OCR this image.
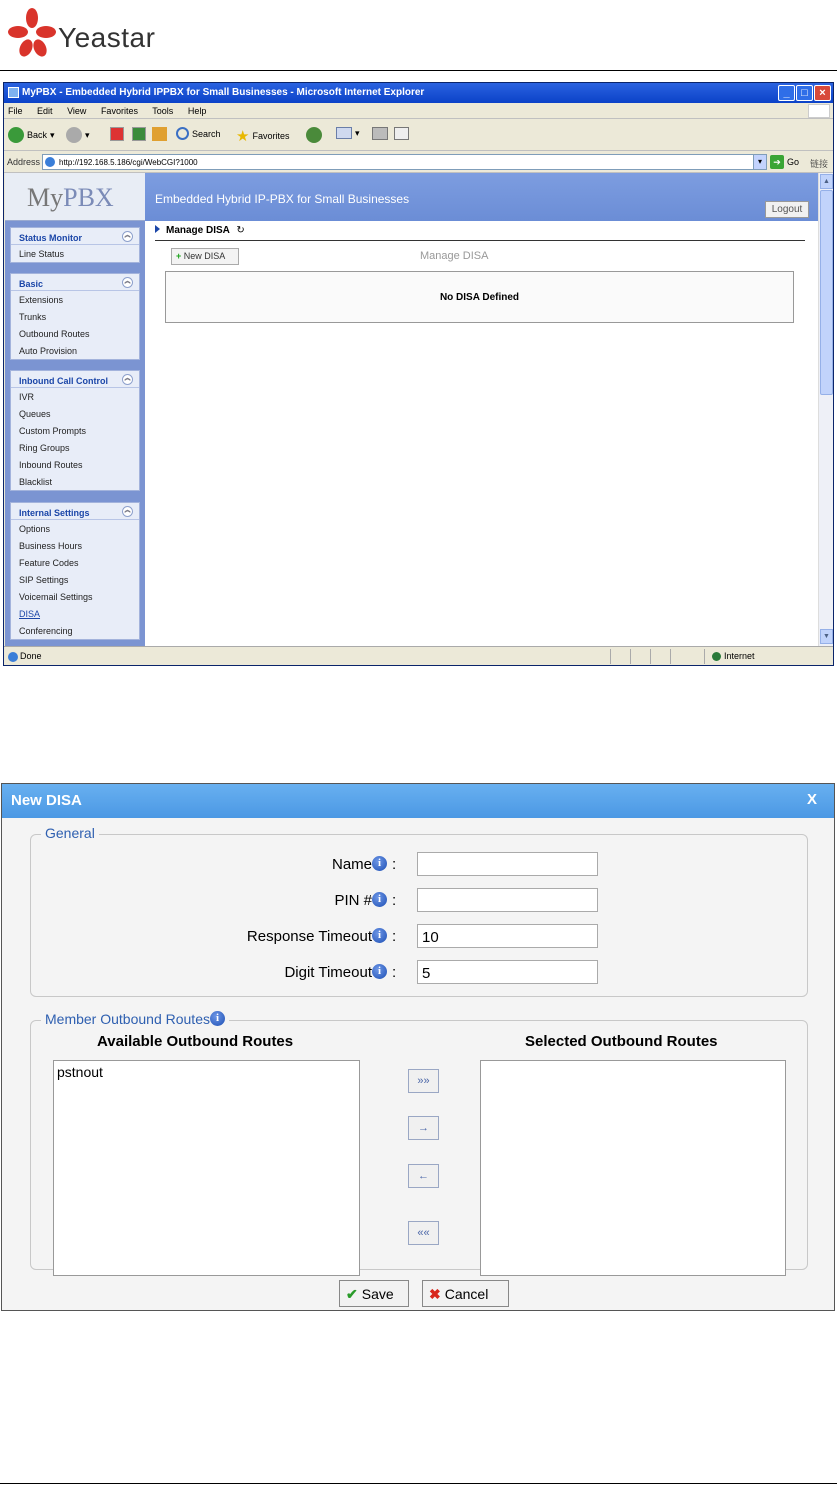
Yeastar
MyPBX - Embedded Hybrid IPPBX for Small Businesses - Microsoft Internet Explorer	_	□	×
File Edit View Favorites Tools Help
Back ▾	▾	Search ★ Favorites	▾
Address	http://192.168.5.186/cgi/WebCGI?1000	▾	➔ Go 链接
MyPBX	Embedded Hybrid IP-PBX for Small Businesses
Logout
Status Monitor	︽
Line Status
Basic	︽
Extensions
Trunks
Outbound Routes
Auto Provision
Inbound Call Control	︽
IVR
Queues
Custom Prompts
Ring Groups
Inbound Routes
Blacklist
Internal Settings	︽
Options
Business Hours
Feature Codes
SIP Settings
Voicemail Settings
DISA
Conferencing
Manage DISA ↻
+ New DISA	Manage DISA
No DISA Defined
▲
▼
Done	Internet
New DISA	X
General
Name i :
PIN # i :
Response Timeout i :
10
Digit Timeout i :
5
Member Outbound Routes i
Available Outbound Routes	Selected Outbound Routes
pstnout
»»
→
←
««
✔ Save	✖ Cancel
